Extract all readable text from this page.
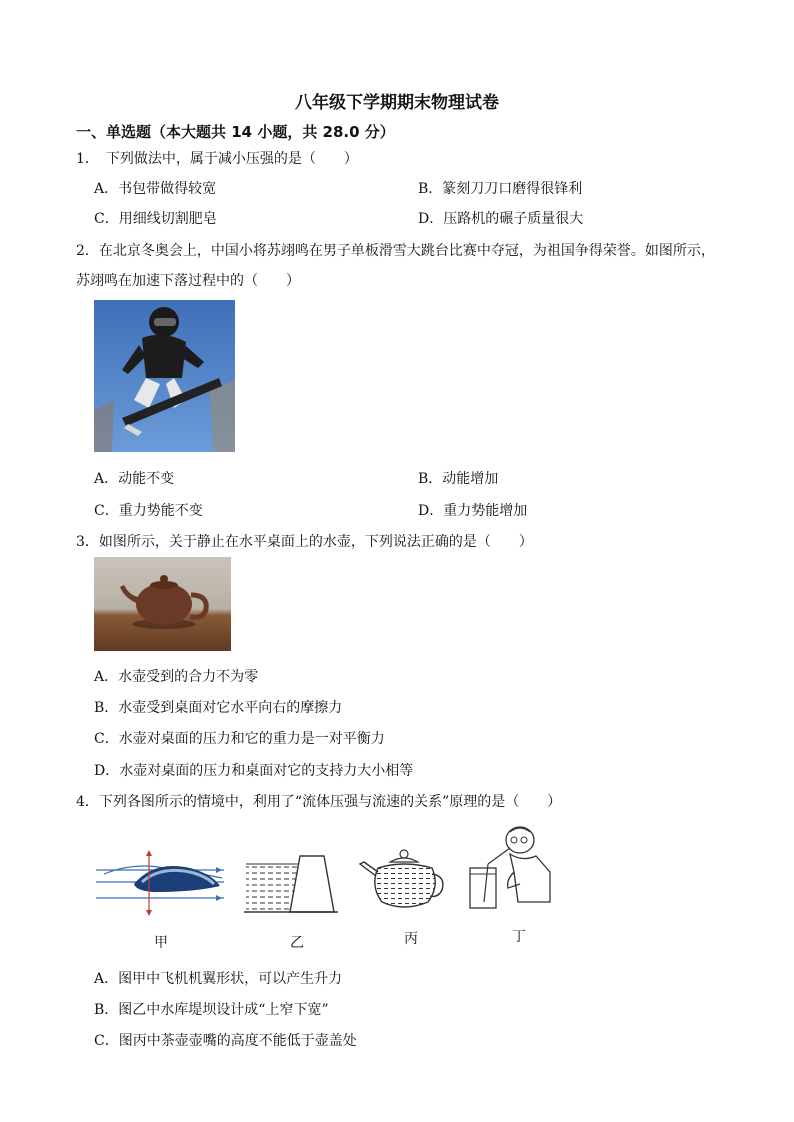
八年级下学期期末物理试卷
一、单选题（本大题共 14 小题，共 28.0 分）
1．　下列做法中，属于减小压强的是（　　）
A．书包带做得较宽	B．篆刻刀刀口磨得很锋利
C．用细线切割肥皂	D．压路机的碾子质量很大
2．在北京冬奥会上，中国小将苏翊鸣在男子单板滑雪大跳台比赛中夺冠，为祖国争得荣誉。如图所示，
苏翊鸣在加速下落过程中的（　　）
A．动能不变	B．动能增加
C．重力势能不变	D．重力势能增加
3．如图所示，关于静止在水平桌面上的水壶，下列说法正确的是（　　）
A．水壶受到的合力不为零
B．水壶受到桌面对它水平向右的摩擦力
C．水壶对桌面的压力和它的重力是一对平衡力
D．水壶对桌面的压力和桌面对它的支持力大小相等
4．下列各图所示的情境中，利用了“流体压强与流速的关系”原理的是（　　）
甲	乙	丙	丁
A．图甲中飞机机翼形状，可以产生升力
B．图乙中水库堤坝设计成“上窄下宽”
C．图丙中茶壶壶嘴的高度不能低于壶盖处
